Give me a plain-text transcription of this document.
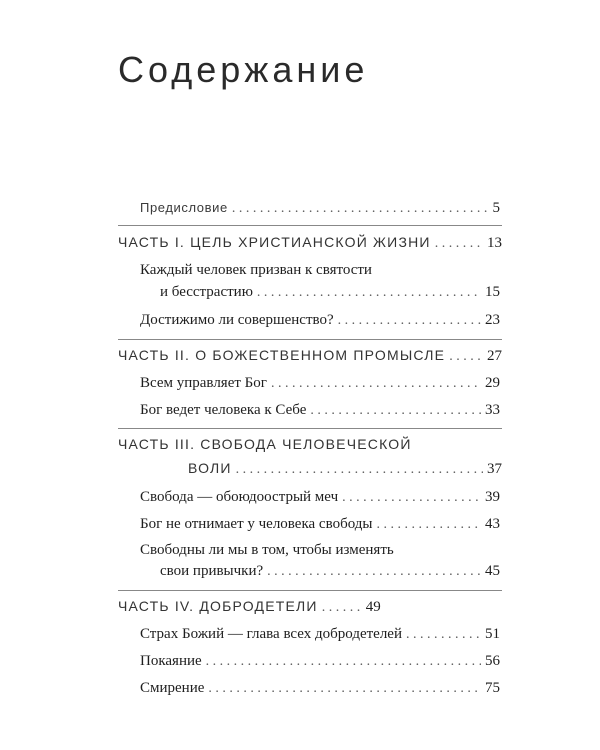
Содержание
Предисловие . . .	5
ЧАСТЬ I. ЦЕЛЬ ХРИСТИАНСКОЙ ЖИЗНИ . . .	13
Каждый человек призван к святости
и бесстрастию . . .	15
Достижимо ли совершенство? . . .	23
ЧАСТЬ II. О БОЖЕСТВЕННОМ ПРОМЫСЛЕ . . .	27
Всем управляет Бог . . .	29
Бог ведет человека к Себе . . .	33
ЧАСТЬ III. СВОБОДА ЧЕЛОВЕЧЕСКОЙ
ВОЛИ . . .	37
Свобода — обоюдоострый меч . . .	39
Бог не отнимает у человека свободы . . .	43
Свободны ли мы в том, чтобы изменять
свои привычки? . . .	45
ЧАСТЬ IV. ДОБРОДЕТЕЛИ . . .	49
Страх Божий — глава всех добродетелей . . .	51
Покаяние . . .	56
Смирение . . .	75
